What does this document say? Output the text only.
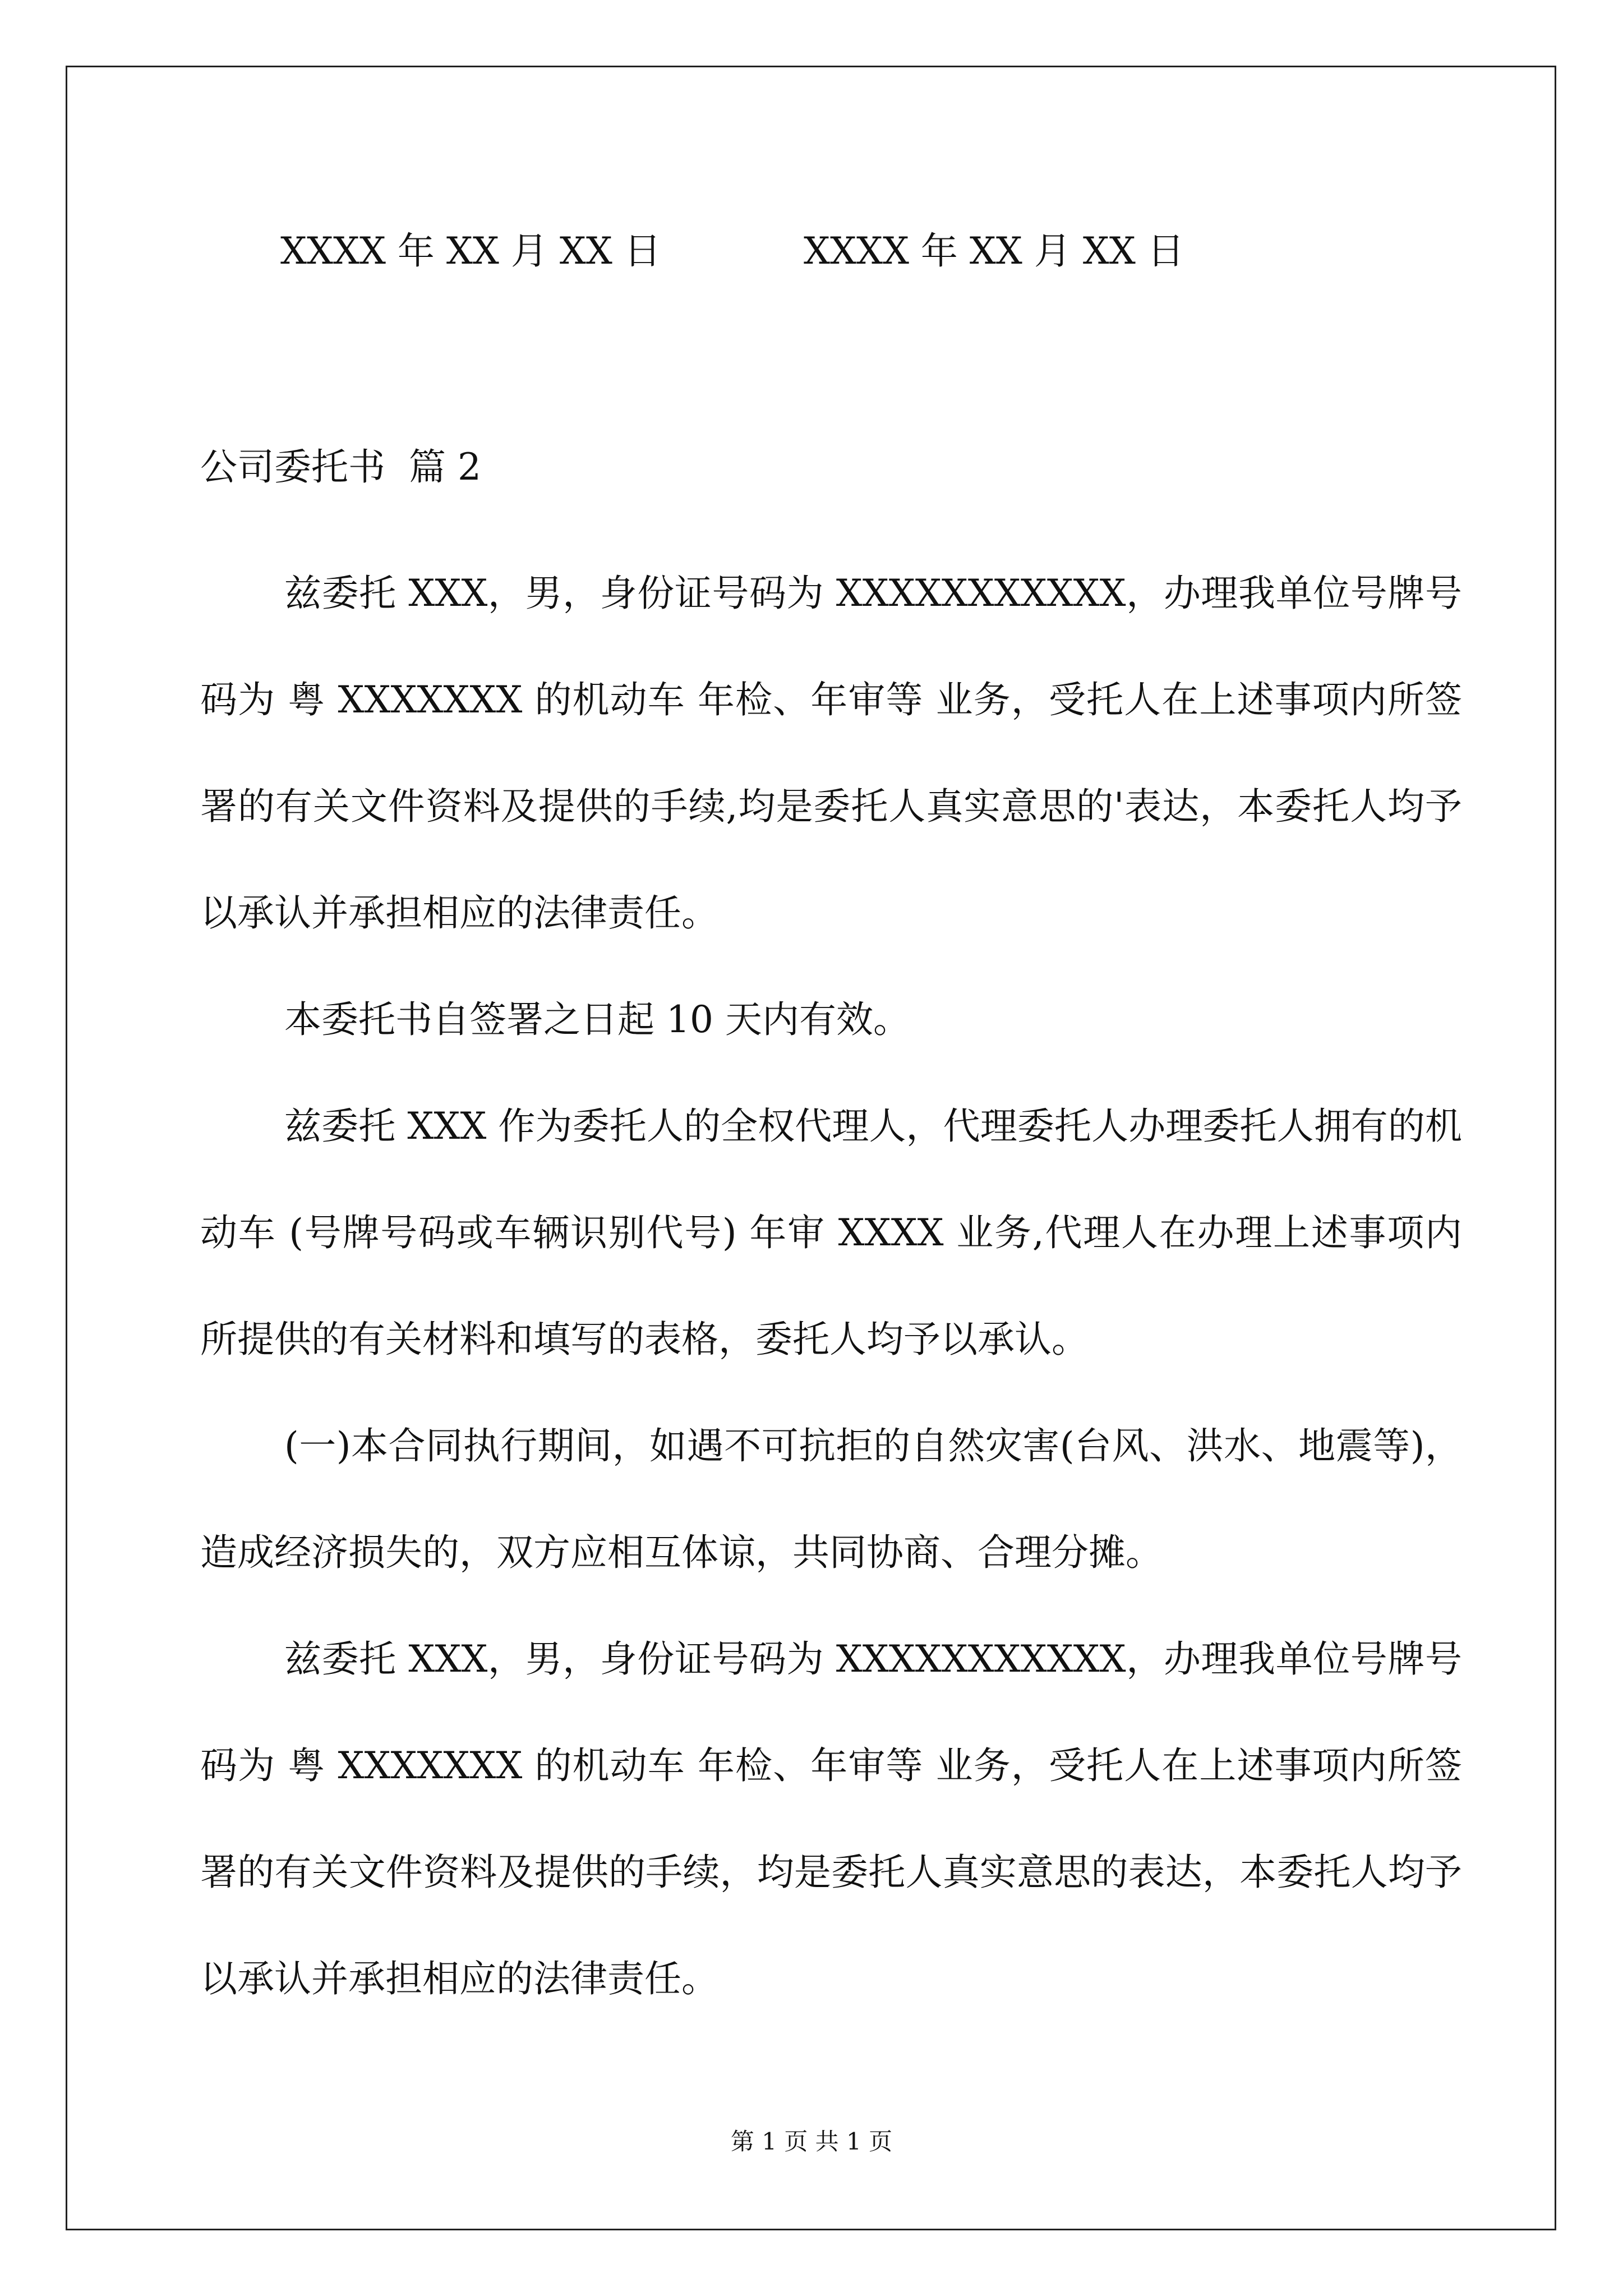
XXXX 年 XX 月 XX 日	XXXX 年 XX 月 XX 日
公司委托书  篇 2

兹委托 XXX，男，身份证号码为 XXXXXXXXXXX，办理我单位号牌号码为 粤 XXXXXXX 的机动车 年检、年审等 业务，受托人在上述事项内所签署的有关文件资料及提供的手续,均是委托人真实意思的'表达，本委托人均予以承认并承担相应的法律责任。

本委托书自签署之日起 10 天内有效。

兹委托 XXX 作为委托人的全权代理人，代理委托人办理委托人拥有的机动车 (号牌号码或车辆识别代号) 年审 XXXX 业务,代理人在办理上述事项内所提供的有关材料和填写的表格，委托人均予以承认。

(一)本合同执行期间，如遇不可抗拒的自然灾害(台风、洪水、地震等)，造成经济损失的，双方应相互体谅，共同协商、合理分摊。

兹委托 XXX，男，身份证号码为 XXXXXXXXXXX，办理我单位号牌号码为 粤 XXXXXXX 的机动车 年检、年审等 业务，受托人在上述事项内所签署的有关文件资料及提供的手续，均是委托人真实意思的表达，本委托人均予以承认并承担相应的法律责任。

第 1 页 共 1 页
